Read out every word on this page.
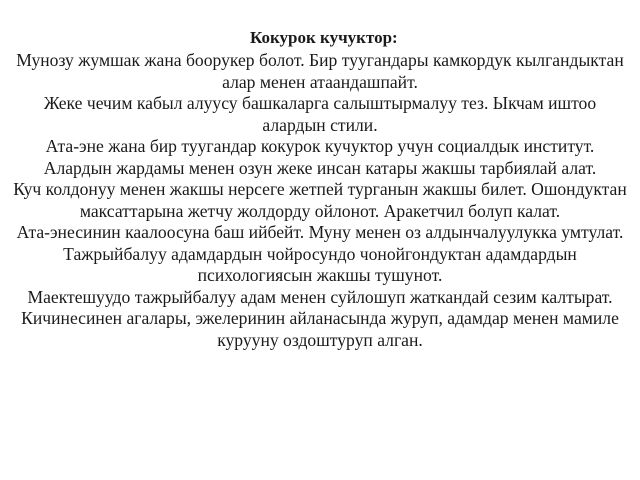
Кокурок кучуктор:

Мунозу жумшак жана боорукер болот. Бир туугандары камкордук кылгандыктан алар менен атаандашпайт.

Жеке чечим кабыл алуусу башкаларга салыштырмалуу тез. Ыкчам иштоо алардын стили.

Ата-эне жана бир туугандар кокурок кучуктор учун социалдык институт. Алардын жардамы менен озун жеке инсан катары жакшы тарбиялай алат.

Куч колдонуу менен жакшы нерсеге жетпей турганын жакшы билет. Ошондуктан максаттарына жетчу жолдорду ойлонот. Аракетчил болуп калат.

Ата-энесинин каалоосуна баш ийбейт. Муну менен оз алдынчалуулукка умтулат.

Тажрыйбалуу адамдардын чойросундо чонойгондуктан адамдардын психологиясын жакшы тушунот.

Маектешуудо тажрыйбалуу адам менен суйлошуп жаткандай сезим калтырат. Кичинесинен агалары, эжелеринин айланасында журуп, адамдар менен мамиле курууну оздоштуруп алган.
